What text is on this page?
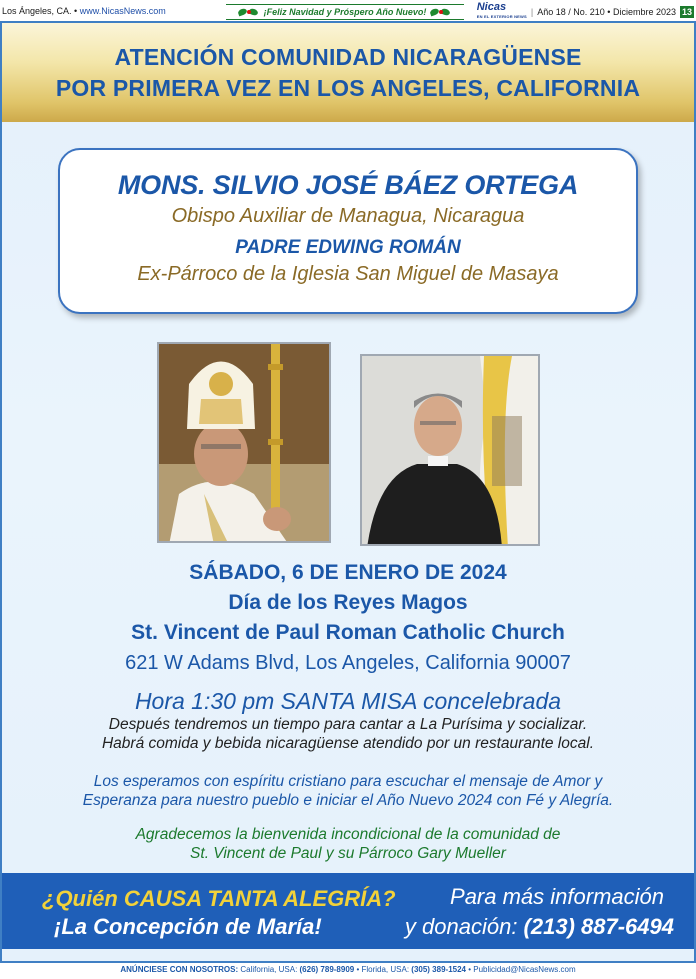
Los Ángeles, CA. • www.NicasNews.com	¡Feliz Navidad y Próspero Año Nuevo!	Nicas
EN EL EXTERIOR NEWS | Año 18 / No. 210 • Diciembre 2023 13
ATENCIÓN COMUNIDAD NICARAGÜENSE
POR PRIMERA VEZ EN LOS ANGELES, CALIFORNIA
MONS. SILVIO JOSÉ BÁEZ ORTEGA
Obispo Auxiliar de Managua, Nicaragua
PADRE EDWING ROMÁN
Ex-Párroco de la Iglesia San Miguel de Masaya
SÁBADO, 6 DE ENERO DE 2024
Día de los Reyes Magos
St. Vincent de Paul Roman Catholic Church
621 W Adams Blvd, Los Angeles, California 90007
Hora 1:30 pm SANTA MISA concelebrada
Después tendremos un tiempo para cantar a La Purísima y socializar.
Habrá comida y bebida nicaragüense atendido por un restaurante local.
Los esperamos con espíritu cristiano para escuchar el mensaje de Amor y
Esperanza para nuestro pueblo e iniciar el Año Nuevo 2024 con Fé y Alegría.
Agradecemos la bienvenida incondicional de la comunidad de
St. Vincent de Paul y su Párroco Gary Mueller
¿Quién CAUSA TANTA ALEGRÍA?
¡La Concepción de María!
Para más información
y donación: (213) 887-6494
ANÚNCIESE CON NOSOTROS: California, USA: (626) 789-8909 • Florida, USA: (305) 389-1524 • Publicidad@NicasNews.com
